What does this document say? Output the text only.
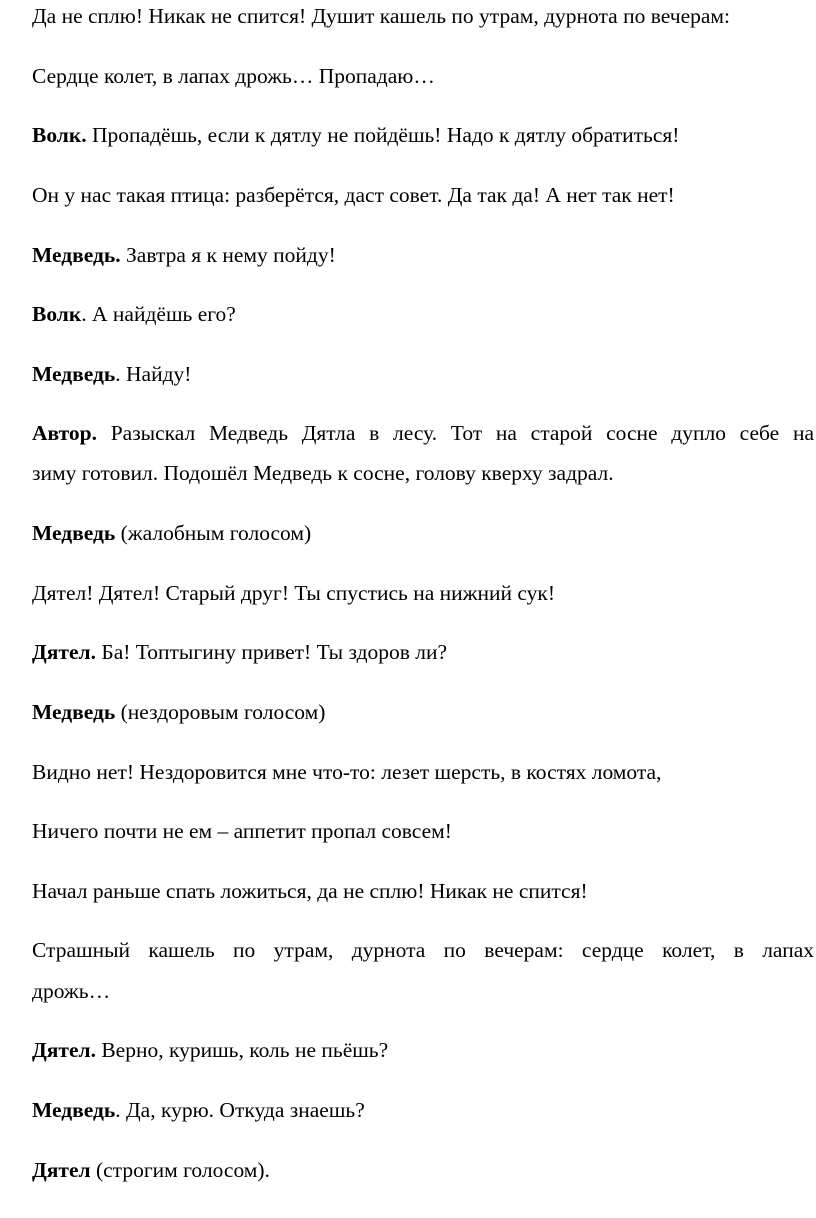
Да не сплю! Никак не спится! Душит кашель по утрам, дурнота по вечерам:
Сердце колет, в лапах дрожь… Пропадаю…
Волк. Пропадёшь, если к дятлу не пойдёшь! Надо к дятлу обратиться!
Он у нас такая птица: разберётся, даст совет. Да так да! А нет так нет!
Медведь. Завтра я к нему пойду!
Волк. А найдёшь его?
Медведь. Найду!
Автор. Разыскал Медведь Дятла в лесу. Тот на старой сосне дупло себе на
зиму готовил. Подошёл Медведь к сосне, голову кверху задрал.
Медведь (жалобным голосом)
Дятел! Дятел! Старый друг! Ты спустись на нижний сук!
Дятел. Ба! Топтыгину привет! Ты здоров ли?
Медведь (нездоровым голосом)
Видно нет! Нездоровится мне что-то: лезет шерсть, в костях ломота,
Ничего почти не ем – аппетит пропал совсем!
Начал раньше спать ложиться, да не сплю! Никак не спится!
Страшный кашель по утрам, дурнота по вечерам: сердце колет, в лапах
дрожь…
Дятел. Верно, куришь, коль не пьёшь?
Медведь. Да, курю. Откуда знаешь?
Дятел (строгим голосом).
